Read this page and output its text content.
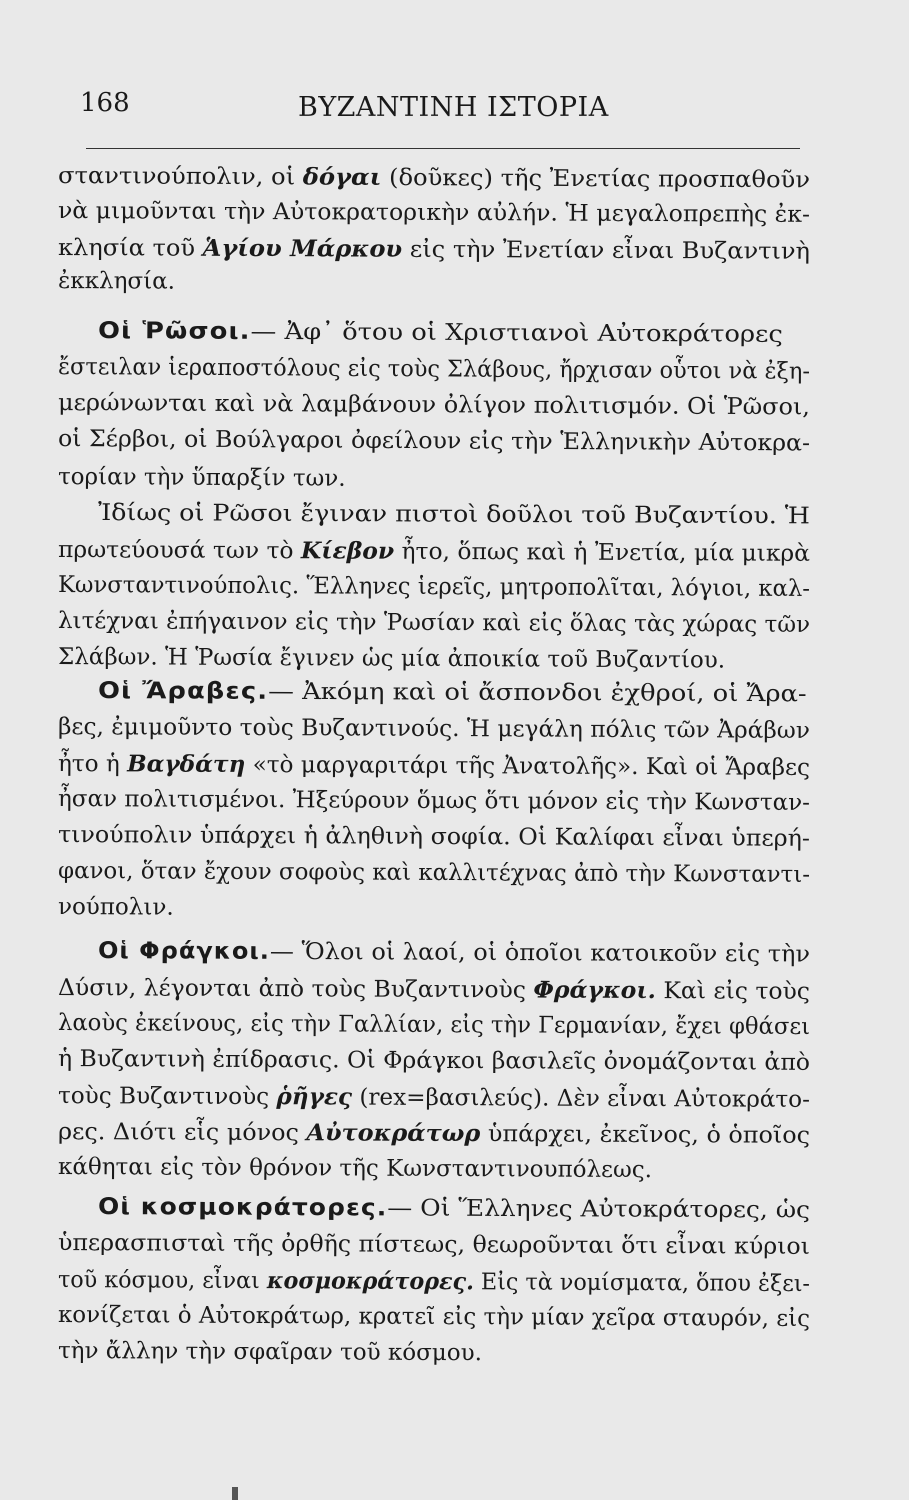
168	ΒΥΖΑΝΤΙΝΗ ΙΣΤΟΡΙΑ
σταντινούπολιν, οἱ δόγαι (δοῦκες) τῆς Ἐνετίας προσπαθοῦν
νὰ μιμοῦνται τὴν Αὐτοκρατορικὴν αὐλήν. Ἡ μεγαλοπρεπὴς ἐκ-
κλησία τοῦ Ἁγίου Μάρκου εἰς τὴν Ἐνετίαν εἶναι Βυζαντινὴ
ἐκκλησία.
Οἱ Ῥῶσοι.— Ἀφ᾿ ὅτου οἱ Χριστιανοὶ Αὐτοκράτορες
ἔστειλαν ἱεραποστόλους εἰς τοὺς Σλάβους, ἤρχισαν οὗτοι νὰ ἐξη-
μερώνωνται καὶ νὰ λαμβάνουν ὀλίγον πολιτισμόν. Οἱ Ῥῶσοι,
οἱ Σέρβοι, οἱ Βούλγαροι ὀφείλουν εἰς τὴν Ἑλληνικὴν Αὐτοκρα-
τορίαν τὴν ὕπαρξίν των.
Ἰδίως οἱ Ρῶσοι ἔγιναν πιστοὶ δοῦλοι τοῦ Βυζαντίου. Ἡ
πρωτεύουσά των τὸ Κίεβον ἦτο, ὅπως καὶ ἡ Ἐνετία, μία μικρὰ
Κωνσταντινούπολις. Ἕλληνες ἱερεῖς, μητροπολῖται, λόγιοι, καλ-
λιτέχναι ἐπήγαινον εἰς τὴν Ῥωσίαν καὶ εἰς ὅλας τὰς χώρας τῶν
Σλάβων. Ἡ Ῥωσία ἔγινεν ὡς μία ἀποικία τοῦ Βυζαντίου.
Οἱ Ἄραβες.— Ἀκόμη καὶ οἱ ἄσπονδοι ἐχθροί, οἱ Ἄρα-
βες, ἐμιμοῦντο τοὺς Βυζαντινούς. Ἡ μεγάλη πόλις τῶν Ἀράβων
ἦτο ἡ Βαγδάτη «τὸ μαργαριτάρι τῆς Ἀνατολῆς». Καὶ οἱ Ἄραβες
ἦσαν πολιτισμένοι. Ἠξεύρουν ὅμως ὅτι μόνον εἰς τὴν Κωνσταν-
τινούπολιν ὑπάρχει ἡ ἀληθινὴ σοφία. Οἱ Καλίφαι εἶναι ὑπερή-
φανοι, ὅταν ἔχουν σοφοὺς καὶ καλλιτέχνας ἀπὸ τὴν Κωνσταντι-
νούπολιν.
Οἱ Φράγκοι.— Ὅλοι οἱ λαοί, οἱ ὁποῖοι κατοικοῦν εἰς τὴν
Δύσιν, λέγονται ἀπὸ τοὺς Βυζαντινοὺς Φράγκοι. Καὶ εἰς τοὺς
λαοὺς ἐκείνους, εἰς τὴν Γαλλίαν, εἰς τὴν Γερμανίαν, ἔχει φθάσει
ἡ Βυζαντινὴ ἐπίδρασις. Οἱ Φράγκοι βασιλεῖς ὀνομάζονται ἀπὸ
τοὺς Βυζαντινοὺς ῥῆγες (rex=βασιλεύς). Δὲν εἶναι Αὐτοκράτο-
ρες. Διότι εἷς μόνος Αὐτοκράτωρ ὑπάρχει, ἐκεῖνος, ὁ ὁποῖος
κάθηται εἰς τὸν θρόνον τῆς Κωνσταντινουπόλεως.
Οἱ κοσμοκράτορες.— Οἱ Ἕλληνες Αὐτοκράτορες, ὡς
ὑπερασπισταὶ τῆς ὀρθῆς πίστεως, θεωροῦνται ὅτι εἶναι κύριοι
τοῦ κόσμου, εἶναι κοσμοκράτορες. Εἰς τὰ νομίσματα, ὅπου ἐξει-
κονίζεται ὁ Αὐτοκράτωρ, κρατεῖ εἰς τὴν μίαν χεῖρα σταυρόν, εἰς
τὴν ἄλλην τὴν σφαῖραν τοῦ κόσμου.
